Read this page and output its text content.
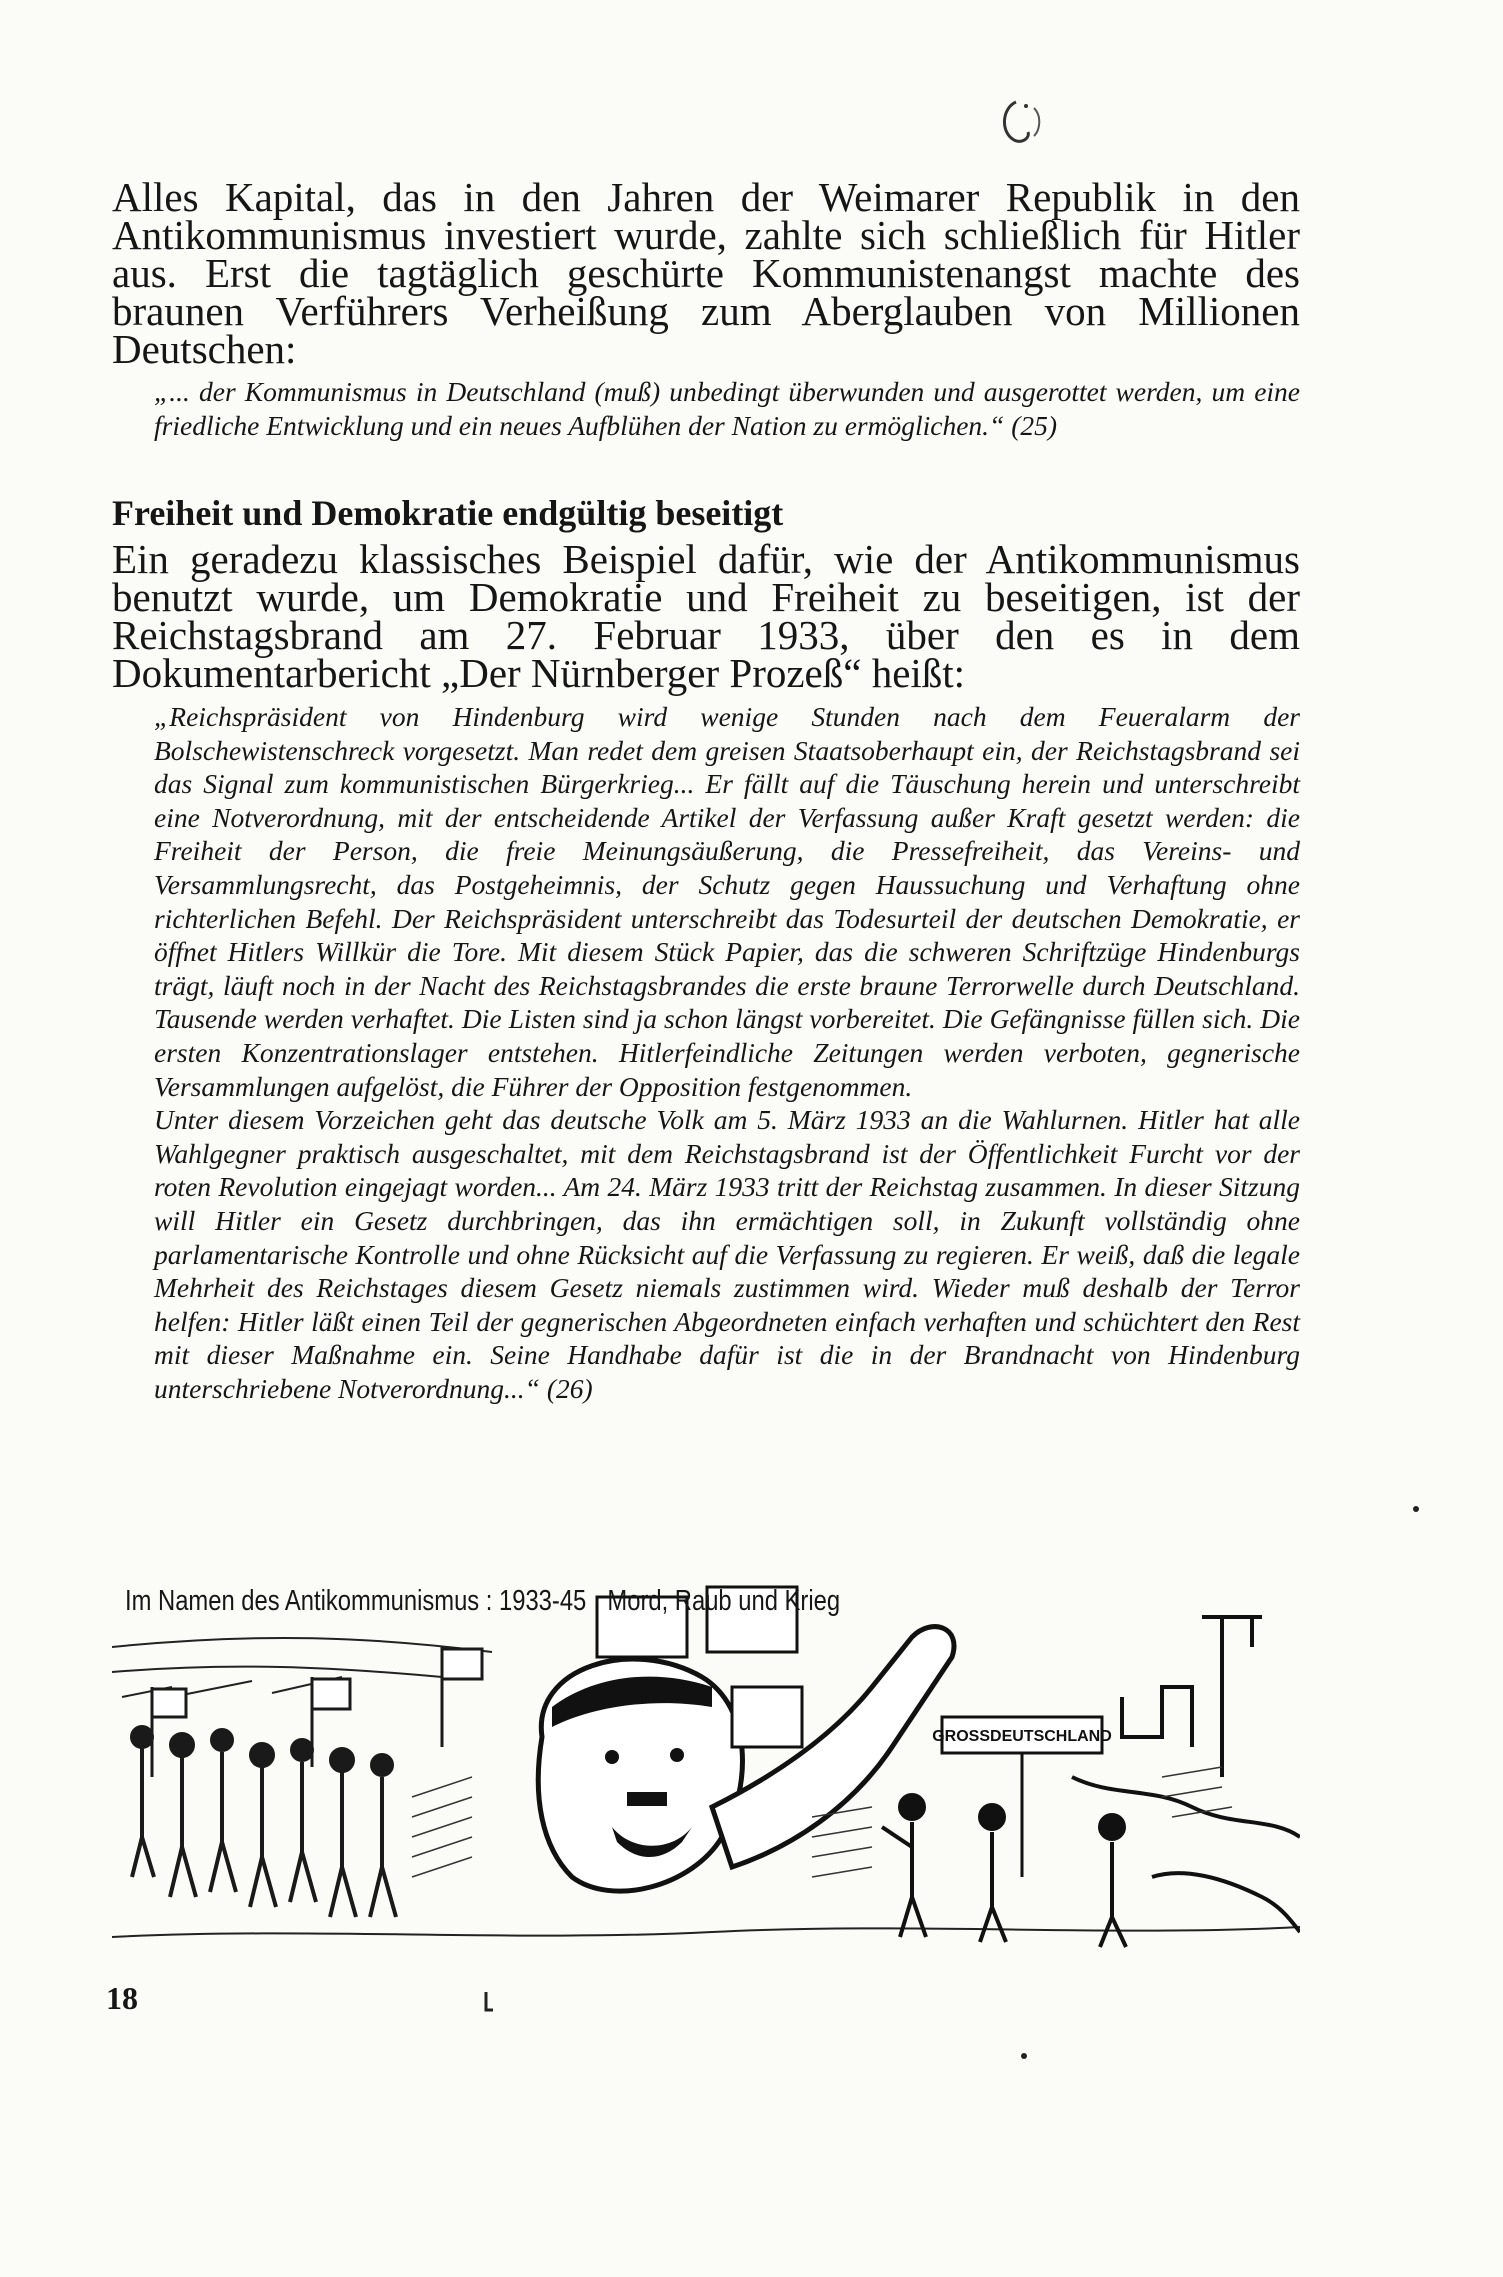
Alles Kapital, das in den Jahren der Weimarer Republik in den Antikommunismus investiert wurde, zahlte sich schließlich für Hitler aus. Erst die tagtäglich geschürte Kommunistenangst machte des braunen Verführers Verheißung zum Aberglauben von Millionen Deutschen:

„... der Kommunismus in Deutschland (muß) unbedingt überwunden und ausgerottet werden, um eine friedliche Entwicklung und ein neues Aufblühen der Nation zu ermöglichen.“ (25)

Freiheit und Demokratie endgültig beseitigt

Ein geradezu klassisches Beispiel dafür, wie der Antikommunismus benutzt wurde, um Demokratie und Freiheit zu beseitigen, ist der Reichstagsbrand am 27. Februar 1933, über den es in dem Dokumentarbericht „Der Nürnberger Prozeß“ heißt:

„Reichspräsident von Hindenburg wird wenige Stunden nach dem Feueralarm der Bolschewistenschreck vorgesetzt. Man redet dem greisen Staatsoberhaupt ein, der Reichstagsbrand sei das Signal zum kommunistischen Bürgerkrieg... Er fällt auf die Täuschung herein und unterschreibt eine Notverordnung, mit der entscheidende Artikel der Verfassung außer Kraft gesetzt werden: die Freiheit der Person, die freie Meinungsäußerung, die Pressefreiheit, das Vereins- und Versammlungsrecht, das Postgeheimnis, der Schutz gegen Haussuchung und Verhaftung ohne richterlichen Befehl. Der Reichspräsident unterschreibt das Todesurteil der deutschen Demokratie, er öffnet Hitlers Willkür die Tore. Mit diesem Stück Papier, das die schweren Schriftzüge Hindenburgs trägt, läuft noch in der Nacht des Reichstagsbrandes die erste braune Terrorwelle durch Deutschland. Tausende werden verhaftet. Die Listen sind ja schon längst vorbereitet. Die Gefängnisse füllen sich. Die ersten Konzentrationslager entstehen. Hitlerfeindliche Zeitungen werden verboten, gegnerische Versammlungen aufgelöst, die Führer der Opposition festgenommen.
Unter diesem Vorzeichen geht das deutsche Volk am 5. März 1933 an die Wahlurnen. Hitler hat alle Wahlgegner praktisch ausgeschaltet, mit dem Reichstagsbrand ist der Öffentlichkeit Furcht vor der roten Revolution eingejagt worden... Am 24. März 1933 tritt der Reichstag zusammen. In dieser Sitzung will Hitler ein Gesetz durchbringen, das ihn ermächtigen soll, in Zukunft vollständig ohne parlamentarische Kontrolle und ohne Rücksicht auf die Verfassung zu regieren. Er weiß, daß die legale Mehrheit des Reichstages diesem Gesetz niemals zustimmen wird. Wieder muß deshalb der Terror helfen: Hitler läßt einen Teil der gegnerischen Abgeordneten einfach verhaften und schüchtert den Rest mit dieser Maßnahme ein. Seine Handhabe dafür ist die in der Brandnacht von Hindenburg unterschriebene Notverordnung...“ (26)
Im Namen des Antikommunismus : 1933-45 · Mord, Raub und Krieg
GROSSDEUTSCHLAND

18
